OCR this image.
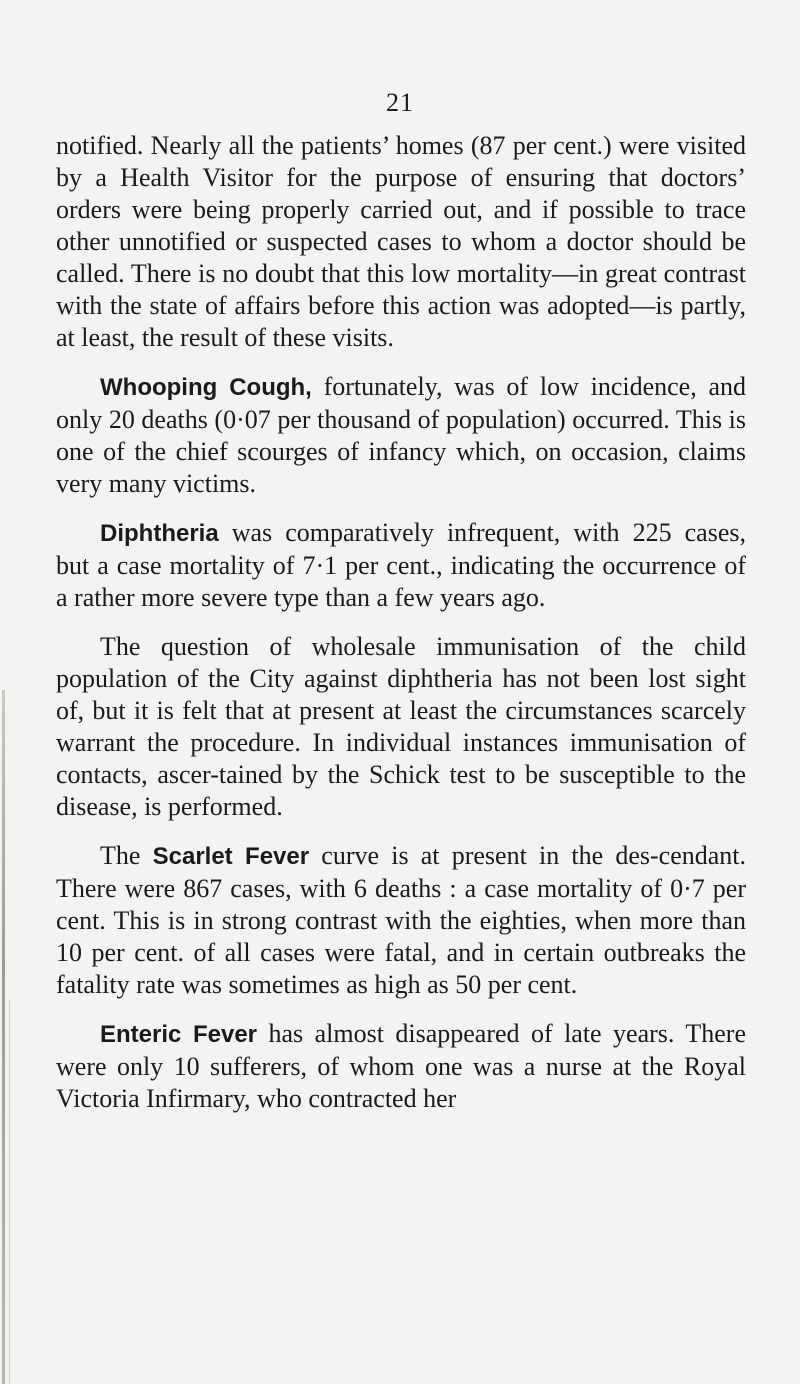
21

notified. Nearly all the patients’ homes (87 per cent.) were visited by a Health Visitor for the purpose of ensuring that doctors’ orders were being properly carried out, and if possible to trace other unnotified or suspected cases to whom a doctor should be called. There is no doubt that this low mortality—in great contrast with the state of affairs before this action was adopted—is partly, at least, the result of these visits.

Whooping Cough, fortunately, was of low incidence, and only 20 deaths (0·07 per thousand of population) occurred. This is one of the chief scourges of infancy which, on occasion, claims very many victims.

Diphtheria was comparatively infrequent, with 225 cases, but a case mortality of 7·1 per cent., indicating the occurrence of a rather more severe type than a few years ago.

The question of wholesale immunisation of the child population of the City against diphtheria has not been lost sight of, but it is felt that at present at least the circumstances scarcely warrant the procedure. In individual instances immunisation of contacts, ascer-tained by the Schick test to be susceptible to the disease, is performed.

The Scarlet Fever curve is at present in the des-cendant. There were 867 cases, with 6 deaths : a case mortality of 0·7 per cent. This is in strong contrast with the eighties, when more than 10 per cent. of all cases were fatal, and in certain outbreaks the fatality rate was sometimes as high as 50 per cent.

Enteric Fever has almost disappeared of late years. There were only 10 sufferers, of whom one was a nurse at the Royal Victoria Infirmary, who contracted her
